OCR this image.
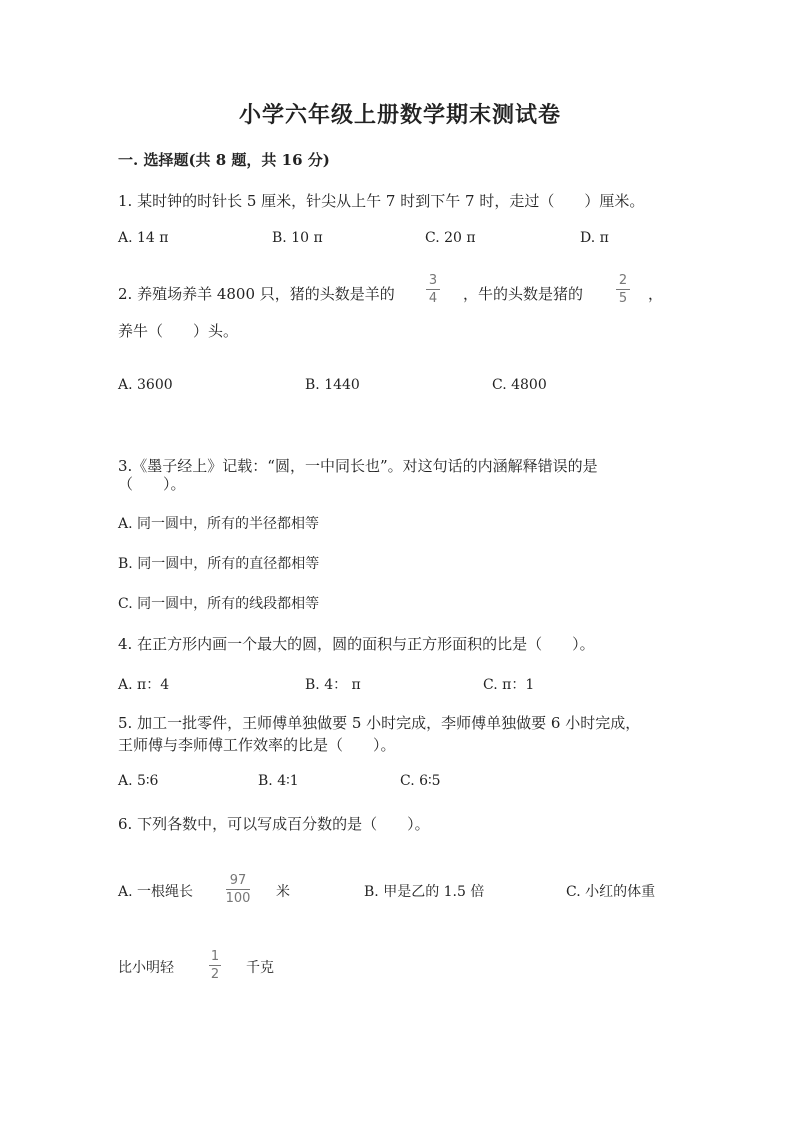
小学六年级上册数学期末测试卷
一. 选择题(共 8 题，共 16 分)
1. 某时钟的时针长 5 厘米，针尖从上午 7 时到下午 7 时，走过（　　）厘米。
A. 14 π	B. 10 π	C. 20 π	D. π
2. 养殖场养羊 4800 只，猪的头数是羊的
3
4 ，牛的头数是猪的
2
5 ，
养牛（　　）头。
A. 3600	B. 1440	C. 4800
3.《墨子经上》记载：“圆，一中同长也”。对这句话的内涵解释错误的是
（　　）。
A. 同一圆中，所有的半径都相等
B. 同一圆中，所有的直径都相等
C. 同一圆中，所有的线段都相等
4. 在正方形内画一个最大的圆，圆的面积与正方形面积的比是（　　）。
A. π：4	B. 4： π	C. π：1
5. 加工一批零件，王师傅单独做要 5 小时完成，李师傅单独做要 6 小时完成，
王师傅与李师傅工作效率的比是（　　）。
A. 5∶6	B. 4∶1	C. 6∶5
6. 下列各数中，可以写成百分数的是（　　）。
A. 一根绳长
97
100 米	B. 甲是乙的 1.5 倍	C. 小红的体重
比小明轻
1
2 千克
